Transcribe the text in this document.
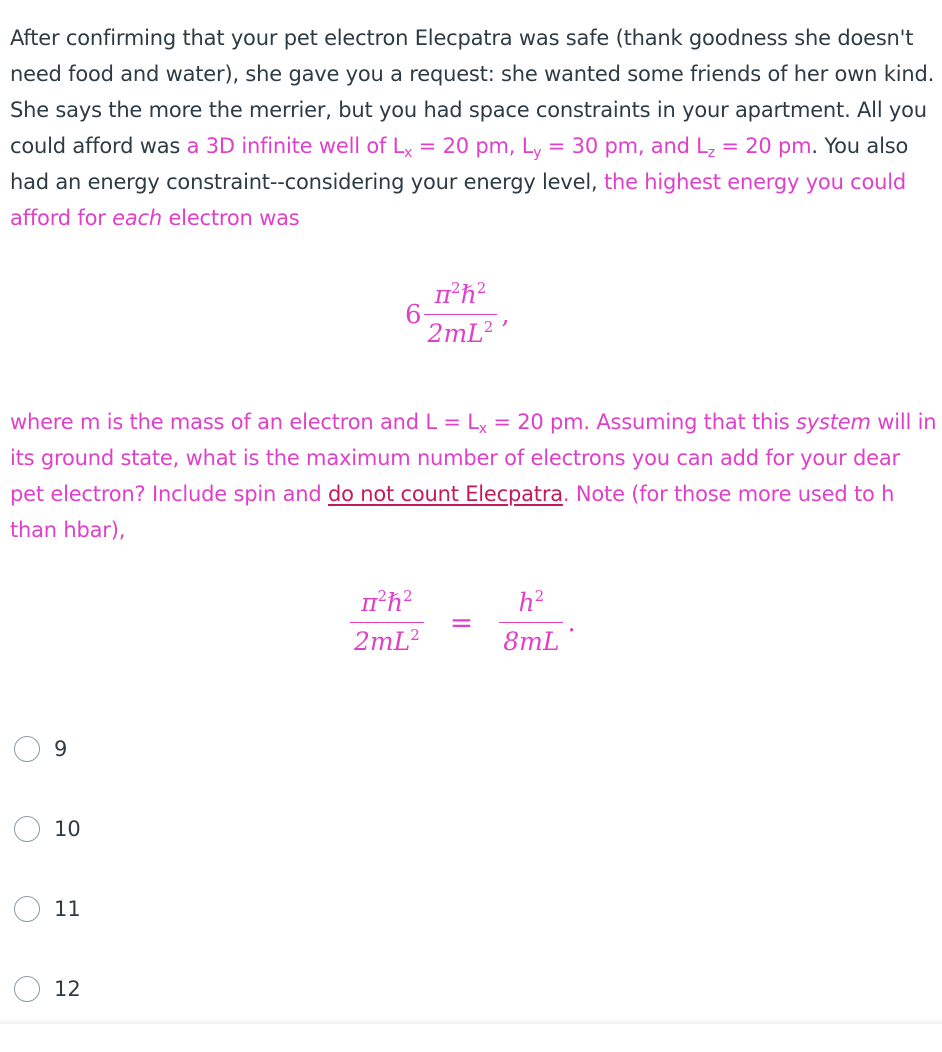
After confirming that your pet electron Elecpatra was safe (thank goodness she doesn't need food and water), she gave you a request: she wanted some friends of her own kind. She says the more the merrier, but you had space constraints in your apartment. All you could afford was a 3D infinite well of $L_x = 20$ pm, $L_y = 30$ pm, and $L_z = 20$ pm. You also had an energy constraint--considering your energy level, the highest energy you could afford for each electron was

$6 \frac{\pi^2\hbar^2}{2mL^2}$ ,

where m is the mass of an electron and $L = L_x = 20$ pm. Assuming that this system will in its ground state, what is the maximum number of electrons you can add for your dear pet electron? Include spin and do not count Elecpatra. Note (for those more used to h than hbar),

$\frac{\pi^2\hbar^2}{2mL^2} = \frac{h^2}{8mL}$ .
9
10
11
12
